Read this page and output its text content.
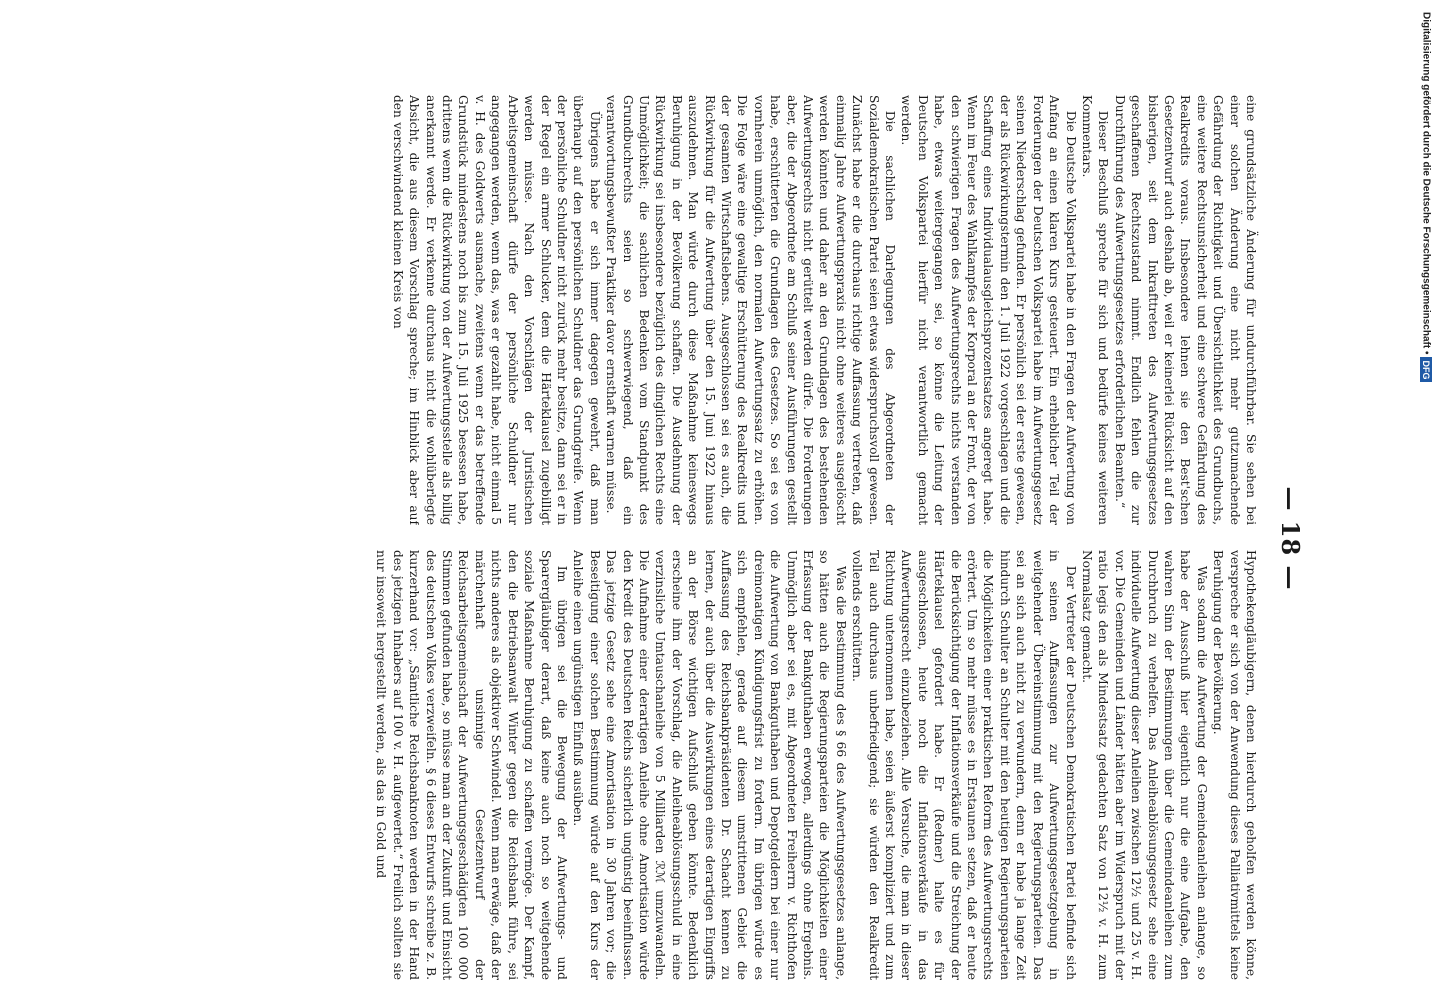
— 18 —

eine grundsätzliche Änderung für undurchführbar. Sie sehen bei einer solchen Änderung eine nicht mehr gutzumachende Gefährdung der Richtigkeit und Übersichtlichkeit des Grundbuchs, eine weitere Rechtsunsicherheit und eine schwere Gefährdung des Realkredits voraus. Insbesondere lehnen sie den Best'schen Gesetzentwurf auch deshalb ab, weil er keinerlei Rücksicht auf den bisherigen, seit dem Inkrafttreten des Aufwertungsgesetzes geschaffenen Rechtszustand nimmt. Endlich fehlen die zur Durchführung des Aufwertungsgesetzes erforderlichen Beamten.“

Dieser Beschluß spreche für sich und bedürfe keines weiteren Kommentars.

Die Deutsche Volkspartei habe in den Fragen der Aufwertung von Anfang an einen klaren Kurs gesteuert. Ein erheblicher Teil der Forderungen der Deutschen Volkspartei habe im Aufwertungsgesetz seinen Niederschlag gefunden. Er persönlich sei der erste gewesen, der als Rückwirkungstermin den 1. Juli 1922 vorgeschlagen und die Schaffung eines Individualausgleichsprozentsatzes angeregt habe. Wenn im Feuer des Wahlkampfes der Korporal an der Front, der von den schwierigen Fragen des Aufwertungsrechts nichts verstanden habe, etwas weitergegangen sei, so könne die Leitung der Deutschen Volkspartei hierfür nicht verantwortlich gemacht werden.

Die sachlichen Darlegungen des Abgeordneten der Sozialdemokratischen Partei seien etwas widerspruchsvoll gewesen. Zunächst habe er die durchaus richtige Auffassung vertreten, daß einmalig Jahre Aufwertungspraxis nicht ohne weiteres ausgelöscht werden könnten und daher an den Grundlagen des bestehenden Aufwertungsrechts nicht gerüttelt werden dürfe. Die Forderungen aber, die der Abgeordnete am Schluß seiner Ausführungen gestellt habe, erschütterten die Grundlagen des Gesetzes. So sei es von vornherein unmöglich, den normalen Aufwertungssatz zu erhöhen. Die Folge wäre eine gewaltige Erschütterung des Realkredits und der gesamten Wirtschaftslebens. Ausgeschlossen sei es auch, die Rückwirkung für die Aufwertung über den 15. Juni 1922 hinaus auszudehnen. Man würde durch diese Maßnahme keineswegs Beruhigung in der Bevölkerung schaffen. Die Ausdehnung der Rückwirkung sei insbesondere bezüglich des dinglichen Rechts eine Unmöglichkeit; die sachlichen Bedenken vom Standpunkt des Grundbuchrechts seien so schwerwiegend, daß ein verantwortungsbewußter Praktiker davor ernsthaft warnen müsse.

Übrigens habe er sich immer dagegen gewehrt, daß man überhaupt auf den persönlichen Schuldner das Grundgreife. Wenn der persönliche Schuldner nicht zurück mehr besitze, dann sei er in der Regel ein armer Schlucker, dem die Härteklausel zugebilligt werden müsse. Nach den Vorschlägen der Juristischen Arbeitsgemeinschaft dürfe der persönliche Schuldner nur angegangen werden, wenn das, was er gezahlt habe, nicht einmal 5 v. H. des Goldwerts ausmache, zweitens wenn er das betreffende Grundstück mindestens noch bis zum 15. Juli 1925 besessen habe, drittens wenn die Rückwirkung von der Aufwertungsstelle als billig anerkannt werde. Er verkenne durchaus nicht die wohlüberlegte Absicht, die aus diesem Vorschlag spreche; im Hinblick aber auf den verschwindend kleinen Kreis von

Hypothekengläubigern, denen hierdurch geholfen werden könne, verspreche er sich von der Anwendung dieses Palliativmittels keine Beruhigung der Bevölkerung.

Was sodann die Aufwertung der Gemeindeanleihen anlange, so habe der Ausschuß hier eigentlich nur die eine Aufgabe, den wahren Sinn der Bestimmungen über die Gemeindeanleihen zum Durchbruch zu verhelfen. Das Anleiheablösungsgesetz sehe eine individuelle Aufwertung dieser Anleihen zwischen 12½ und 25 v. H. vor. Die Gemeinden und Länder hätten aber im Widerspruch mit der ratio legis den als Mindestsatz gedachten Satz von 12½ v. H. zum Normalsatz gemacht.

Der Vertreter der Deutschen Demokratischen Partei befinde sich in seinen Auffassungen zur Aufwertungsgesetzgebung in weitgehender Übereinstimmung mit den Regierungsparteien. Das sei an sich auch nicht zu verwundern, denn er habe ja lange Zeit hindurch Schulter an Schulter mit den heutigen Regierungsparteien die Möglichkeiten einer praktischen Reform des Aufwertungsrechts erörtert. Um so mehr müsse es in Erstaunen setzen, daß er heute die Berücksichtigung der Inflationsverkäufe und die Streichung der Härteklausel gefordert habe. Er (Redner) halte es für ausgeschlossen, heute noch die Inflationsverkäufe in das Aufwertungsrecht einzubeziehen. Alle Versuche, die man in dieser Richtung unternommen habe, seien äußerst kompliziert und zum Teil auch durchaus unbefriedigend; sie würden den Realkredit vollends erschüttern.

Was die Bestimmung des § 66 des Aufwertungsgesetzes anlange, so hätten auch die Regierungsparteien die Möglichkeiten einer Erfassung der Bankguthaben erwogen, allerdings ohne Ergebnis. Unmöglich aber sei es, mit Abgeordneten Freiherrn v. Richthofen die Aufwertung von Bankguthaben und Depotgeldern bei einer nur dreimonatigen Kündigungsfrist zu fordern. Im übrigen würde es sich empfehlen, gerade auf diesem umstrittenen Gebiet die Auffassung des Reichsbankpräsidenten Dr. Schacht kennen zu lernen, der auch über die Auswirkungen eines derartigen Eingriffs an der Börse wichtigen Aufschluß geben könnte. Bedenklich erscheine ihm der Vorschlag, die Anleiheablösungsschuld in eine verzinsliche Umtauschanleihe von 5 Milliarden ℛℳ umzuwandeln. Die Aufnahme einer derartigen Anleihe ohne Amortisation würde den Kredit des Deutschen Reichs sicherlich ungünstig beeinflussen. Das jetzige Gesetz sehe eine Amortisation in 30 Jahren vor; die Beseitigung einer solchen Bestimmung würde auf den Kurs der Anleihe einen ungünstigen Einfluß ausüben.

Im übrigen sei die Bewegung der Aufwertungs- und Sparergläubiger derart, daß keine auch noch so weitgehende soziale Maßnahme Beruhigung zu schaffen vermöge. Der Kampf, den die Betriebsanwalt Winter gegen die Reichsbank führe, sei nichts anderes als objektiver Schwindel. Wenn man erwäge, daß der märchenhaft unsinnige Gesetzentwurf der Reichsarbeitsgemeinschaft der Aufwertungsgeschädigten 100 000 Stimmen gefunden habe, so müsse man an der Zukunft und Einsicht des deutschen Volkes verzweifeln. § 6 dieses Entwurfs schreibe z. B. kurzerhand vor: „Sämtliche Reichsbanknoten werden in der Hand des jetzigen Inhabers auf 100 v. H. aufgewertet.“ Freilich sollten sie nur insoweit hergestellt werden, als das in Gold und

Digitalisierung gefördert durch die Deutsche Forschungsgemeinschaft •DFG
